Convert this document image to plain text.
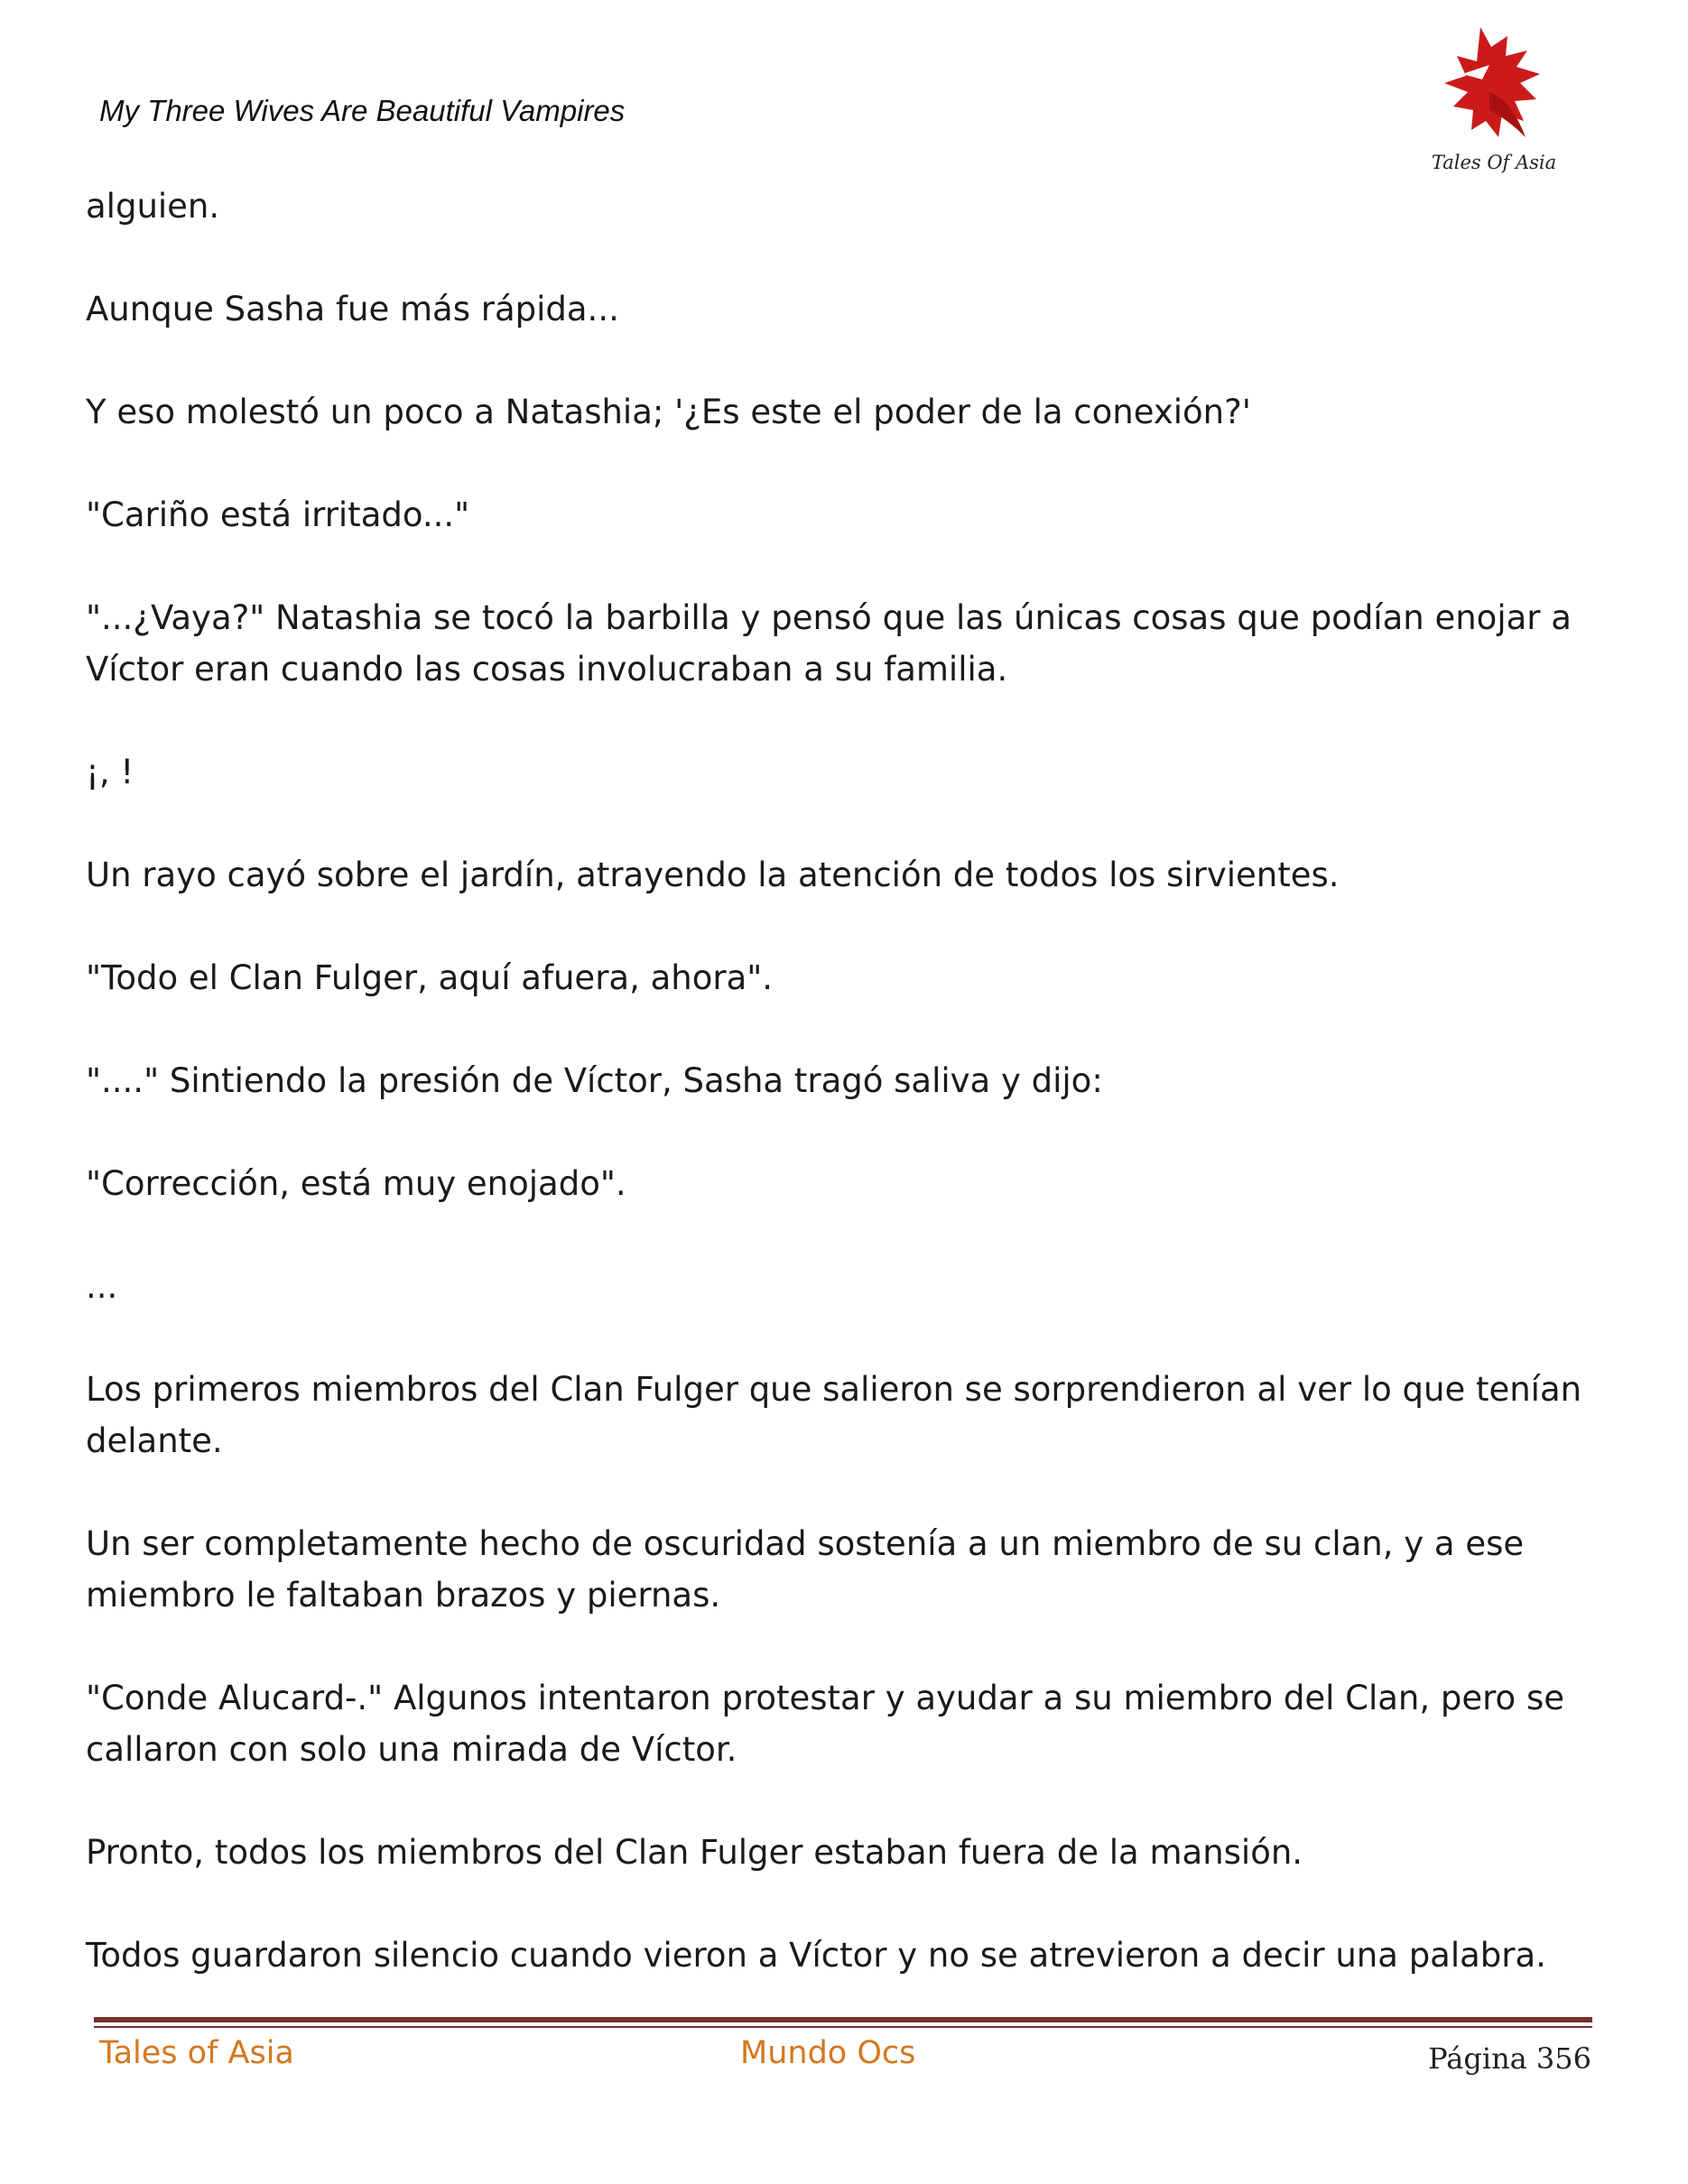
My Three Wives Are Beautiful Vampires
Tales Of Asia

alguien.

Aunque Sasha fue más rápida...

Y eso molestó un poco a Natashia; '¿Es este el poder de la conexión?'

"Cariño está irritado..."

"...¿Vaya?" Natashia se tocó la barbilla y pensó que las únicas cosas que podían enojar a Víctor eran cuando las cosas involucraban a su familia.

¡, !

Un rayo cayó sobre el jardín, atrayendo la atención de todos los sirvientes.

"Todo el Clan Fulger, aquí afuera, ahora".

"...." Sintiendo la presión de Víctor, Sasha tragó saliva y dijo:

"Corrección, está muy enojado".

...

Los primeros miembros del Clan Fulger que salieron se sorprendieron al ver lo que tenían delante.

Un ser completamente hecho de oscuridad sostenía a un miembro de su clan, y a ese miembro le faltaban brazos y piernas.

"Conde Alucard-." Algunos intentaron protestar y ayudar a su miembro del Clan, pero se callaron con solo una mirada de Víctor.

Pronto, todos los miembros del Clan Fulger estaban fuera de la mansión.

Todos guardaron silencio cuando vieron a Víctor y no se atrevieron a decir una palabra.

Tales of Asia	Mundo Ocs	Página 356
